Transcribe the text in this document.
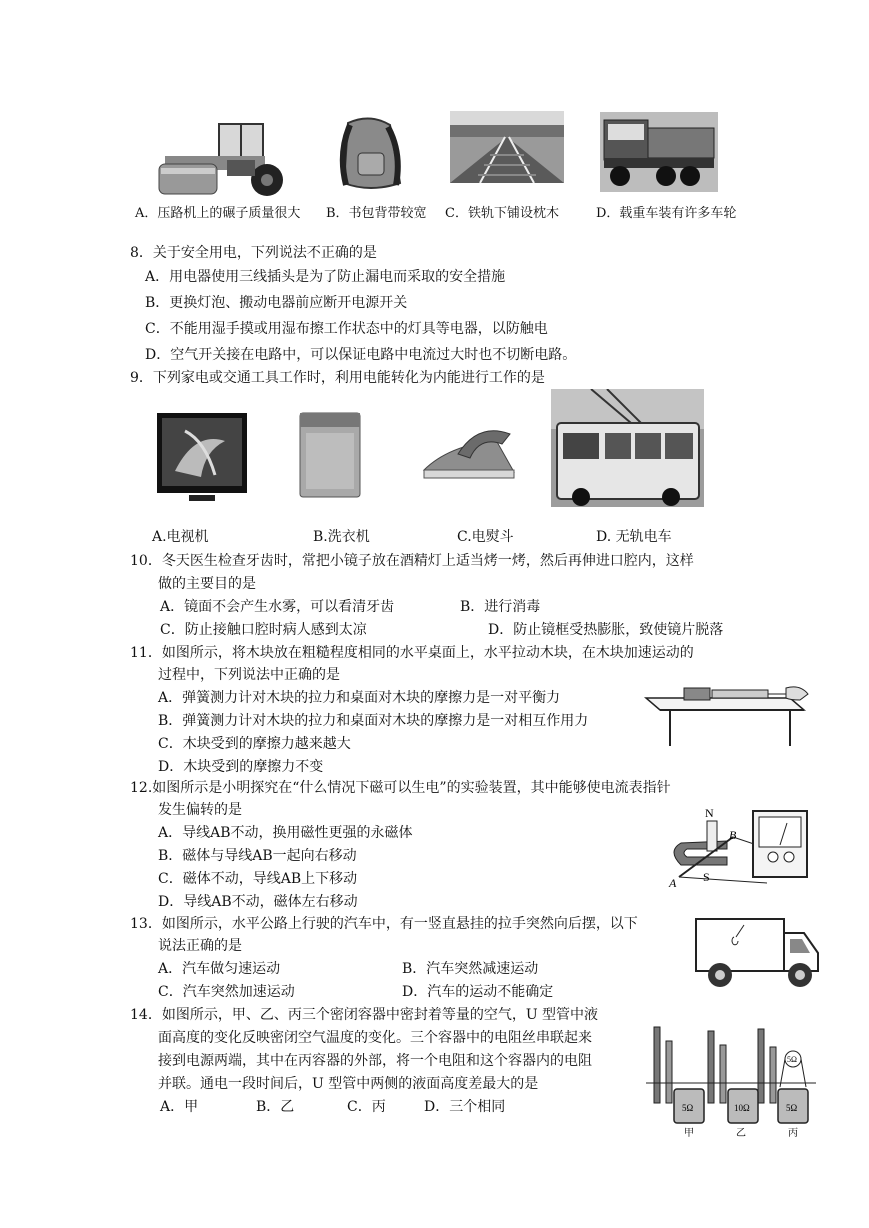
A．压路机上的碾子质量很大 B．书包背带较宽 C．铁轨下铺设枕木	D．载重车装有许多车轮
8．关于安全用电，下列说法不正确的是
A．用电器使用三线插头是为了防止漏电而采取的安全措施
B．更换灯泡、搬动电器前应断开电源开关
C．不能用湿手摸或用湿布擦工作状态中的灯具等电器，以防触电
D．空气开关接在电路中，可以保证电路中电流过大时也不切断电路。
9．下列家电或交通工具工作时，利用电能转化为内能进行工作的是
A.电视机	B.洗衣机	C.电熨斗	D. 无轨电车
10．冬天医生检查牙齿时，常把小镜子放在酒精灯上适当烤一烤，然后再伸进口腔内，这样
做的主要目的是
A．镜面不会产生水雾，可以看清牙齿	B．进行消毒
C．防止接触口腔时病人感到太凉	D．防止镜框受热膨胀，致使镜片脱落
11．如图所示，将木块放在粗糙程度相同的水平桌面上，水平拉动木块，在木块加速运动的
过程中，下列说法中正确的是
A．弹簧测力计对木块的拉力和桌面对木块的摩擦力是一对平衡力
B．弹簧测力计对木块的拉力和桌面对木块的摩擦力是一对相互作用力
C．木块受到的摩擦力越来越大
D．木块受到的摩擦力不变
12.如图所示是小明探究在“什么情况下磁可以生电”的实验装置，其中能够使电流表指针
发生偏转的是
A．导线AB不动，换用磁性更强的永磁体
B．磁体与导线AB一起向右移动
C．磁体不动，导线AB上下移动
D．导线AB不动，磁体左右移动
N
S
A
B
13．如图所示，水平公路上行驶的汽车中，有一竖直悬挂的拉手突然向后摆，以下
说法正确的是
A．汽车做匀速运动	B．汽车突然减速运动
C．汽车突然加速运动	D．汽车的运动不能确定
14．如图所示，甲、乙、丙三个密闭容器中密封着等量的空气，U 型管中液
面高度的变化反映密闭空气温度的变化。三个容器中的电阻丝串联起来
接到电源两端，其中在丙容器的外部，将一个电阻和这个容器内的电阻
并联。通电一段时间后，U 型管中两侧的液面高度差最大的是
A．甲	B．乙	C．丙	D．三个相同	5Ω	10Ω	5Ω
5Ω
甲	乙	丙
